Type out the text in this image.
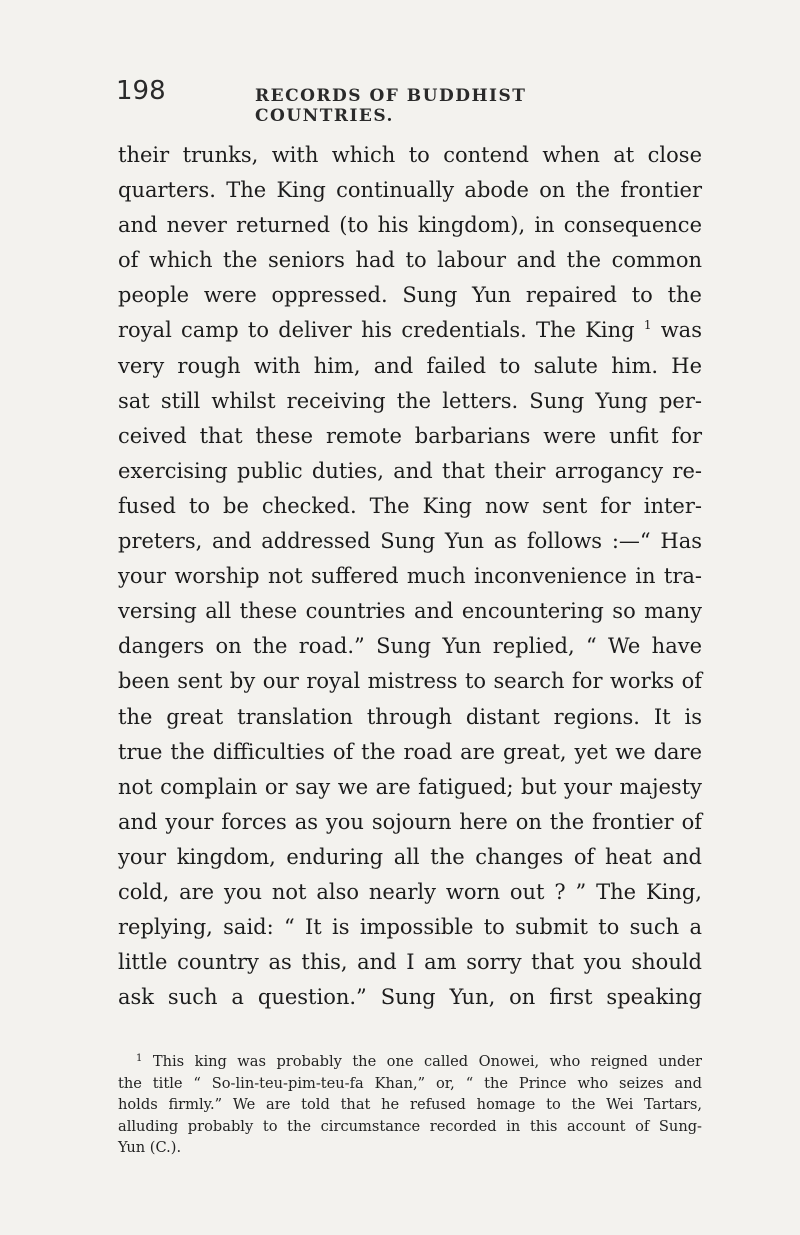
198	RECORDS OF BUDDHIST COUNTRIES.
their trunks, with which to contend when at close
quarters. The King continually abode on the frontier
and never returned (to his kingdom), in consequence
of which the seniors had to labour and the common
people were oppressed. Sung Yun repaired to the
royal camp to deliver his credentials. The King $^1$ was
very rough with him, and failed to salute him. He
sat still whilst receiving the letters. Sung Yung per-
ceived that these remote barbarians were unfit for
exercising public duties, and that their arrogancy re-
fused to be checked. The King now sent for inter-
preters, and addressed Sung Yun as follows :—“ Has
your worship not suffered much inconvenience in tra-
versing all these countries and encountering so many
dangers on the road.” Sung Yun replied, “ We have
been sent by our royal mistress to search for works of
the great translation through distant regions. It is
true the difficulties of the road are great, yet we dare
not complain or say we are fatigued; but your majesty
and your forces as you sojourn here on the frontier of
your kingdom, enduring all the changes of heat and
cold, are you not also nearly worn out ? ” The King,
replying, said: “ It is impossible to submit to such a
little country as this, and I am sorry that you should
ask such a question.” Sung Yun, on first speaking
$^1$ This king was probably the one called Onowei, who reigned under
the title “ So-lin-teu-pim-teu-fa Khan,” or, “ the Prince who seizes and
holds firmly.” We are told that he refused homage to the Wei Tartars,
alluding probably to the circumstance recorded in this account of Sung-
Yun (C.).
